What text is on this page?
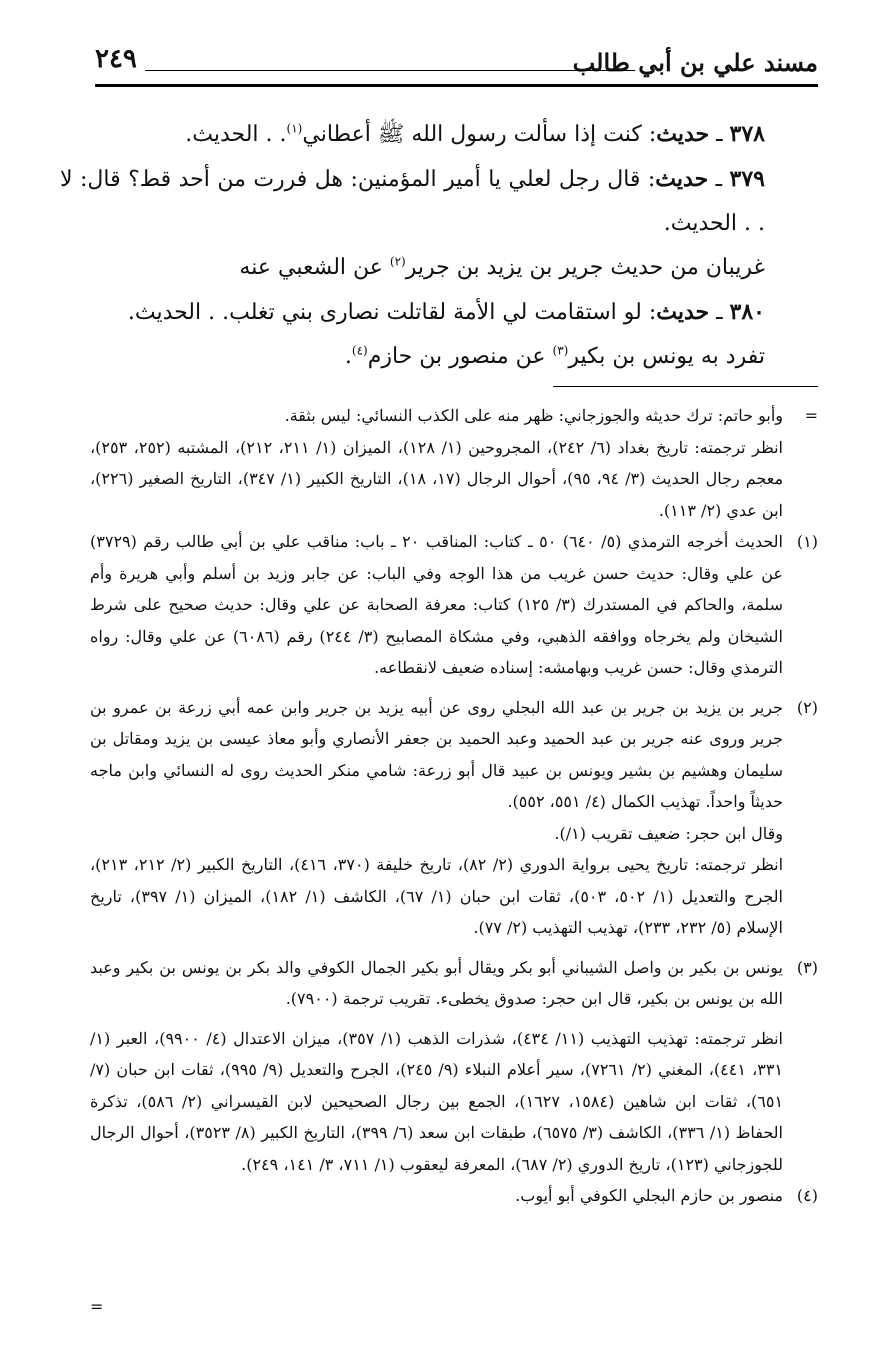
مسند علي بن أبي طالب
٢٤٩

٣٧٨ ـ حديث: كنت إذا سألت رسول الله ﷺ أعطاني$^{(١)}$. . الحديث.

٣٧٩ ـ حديث: قال رجل لعلي يا أمير المؤمنين: هل فررت من أحد قط؟ قال: لا . . الحديث.

غريبان من حديث جرير بن يزيد بن جرير$^{(٢)}$ عن الشعبي عنه

٣٨٠ ـ حديث: لو استقامت لي الأمة لقاتلت نصارى بني تغلب. . الحديث.

تفرد به يونس بن بكير$^{(٣)}$ عن منصور بن حازم$^{(٤)}$.

=

وأبو حاتم: ترك حديثه والجوزجاني: ظهر منه على الكذب النسائي: ليس بثقة.

انظر ترجمته: تاريخ بغداد (٦/ ٢٤٢)، المجروحين (١/ ١٢٨)، الميزان (١/ ٢١١، ٢١٢)، المشتبه (٢٥٢، ٢٥٣)، معجم رجال الحديث (٣/ ٩٤، ٩٥)، أحوال الرجال (١٧، ١٨)، التاريخ الكبير (١/ ٣٤٧)، التاريخ الصغير (٢٢٦)، ابن عدي (٢/ ١١٣).

(١)

الحديث أخرجه الترمذي (٥/ ٦٤٠) ٥٠ ـ كتاب: المناقب ٢٠ ـ باب: مناقب علي بن أبي طالب رقم (٣٧٢٩) عن علي وقال: حديث حسن غريب من هذا الوجه وفي الباب: عن جابر وزيد بن أسلم وأبي هريرة وأم سلمة، والحاكم في المستدرك (٣/ ١٢٥) كتاب: معرفة الصحابة عن علي وقال: حديث صحيح على شرط الشيخان ولم يخرجاه ووافقه الذهبي، وفي مشكاة المصابيح (٣/ ٢٤٤) رقم (٦٠٨٦) عن علي وقال: رواه الترمذي وقال: حسن غريب وبهامشه: إسناده ضعيف لانقطاعه.

(٢)

جرير بن يزيد بن جرير بن عبد الله البجلي روى عن أبيه يزيد بن جرير وابن عمه أبي زرعة بن عمرو بن جرير وروى عنه جرير بن عبد الحميد وعبد الحميد بن جعفر الأنصاري وأبو معاذ عيسى بن يزيد ومقاتل بن سليمان وهشيم بن بشير ويونس بن عبيد قال أبو زرعة: شامي منكر الحديث روى له النسائي وابن ماجه حديثاً واحداً. تهذيب الكمال (٤/ ٥٥١، ٥٥٢).

وقال ابن حجر: ضعيف تقريب (١/).

انظر ترجمته: تاريخ يحيى برواية الدوري (٢/ ٨٢)، تاريخ خليفة (٣٧٠، ٤١٦)، التاريخ الكبير (٢/ ٢١٢، ٢١٣)، الجرح والتعديل (١/ ٥٠٢، ٥٠٣)، ثقات ابن حبان (١/ ٦٧)، الكاشف (١/ ١٨٢)، الميزان (١/ ٣٩٧)، تاريخ الإسلام (٥/ ٢٣٢، ٢٣٣)، تهذيب التهذيب (٢/ ٧٧).

(٣)

يونس بن بكير بن واصل الشيباني أبو بكر ويقال أبو بكير الجمال الكوفي والد بكر بن يونس بن بكير وعبد الله بن يونس بن بكير، قال ابن حجر: صدوق يخطىء. تقريب ترجمة (٧٩٠٠).

انظر ترجمته: تهذيب التهذيب (١١/ ٤٣٤)، شذرات الذهب (١/ ٣٥٧)، ميزان الاعتدال (٤/ ٩٩٠٠)، العبر (١/ ٣٣١، ٤٤١)، المغني (٢/ ٧٢٦١)، سير أعلام النبلاء (٩/ ٢٤٥)، الجرح والتعديل (٩/ ٩٩٥)، ثقات ابن حبان (٧/ ٦٥١)، ثقات ابن شاهين (١٥٨٤، ١٦٢٧)، الجمع بين رجال الصحيحين لابن القيسراني (٢/ ٥٨٦)، تذكرة الحفاظ (١/ ٣٣٦)، الكاشف (٣/ ٦٥٧٥)، طبقات ابن سعد (٦/ ٣٩٩)، التاريخ الكبير (٨/ ٣٥٢٣)، أحوال الرجال للجوزجاني (١٢٣)، تاريخ الدوري (٢/ ٦٨٧)، المعرفة ليعقوب (١/ ٧١١، ٣/ ١٤١، ٢٤٩).

(٤)

منصور بن حازم البجلي الكوفي أبو أيوب.

=
